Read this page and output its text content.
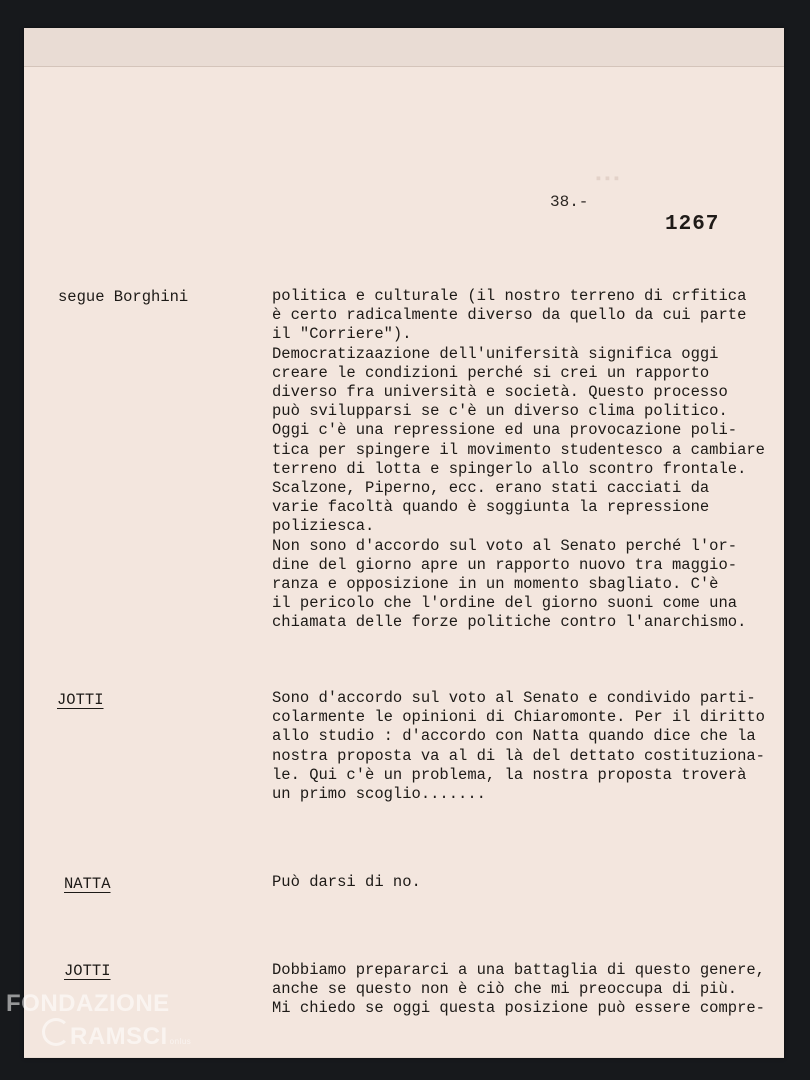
▪▪▪
38.-
1267
segue Borghini	politica e culturale (il nostro terreno di crfitica
è certo radicalmente diverso da quello da cui parte
il "Corriere").
Democratizaazione dell'unifersità significa oggi
creare le condizioni perché si crei un rapporto
diverso fra università e società. Questo processo
può svilupparsi se c'è un diverso clima politico.
Oggi c'è una repressione ed una provocazione poli-
tica per spingere il movimento studentesco a cambiare
terreno di lotta e spingerlo allo scontro frontale.
Scalzone, Piperno, ecc. erano stati cacciati da
varie facoltà quando è soggiunta la repressione
poliziesca.
Non sono d'accordo sul voto al Senato perché l'or-
dine del giorno apre un rapporto nuovo tra maggio-
ranza e opposizione in un momento sbagliato. C'è
il pericolo che l'ordine del giorno suoni come una
chiamata delle forze politiche contro l'anarchismo.
JOTTI	Sono d'accordo sul voto al Senato e condivido parti-
colarmente le opinioni di Chiaromonte. Per il diritto
allo studio : d'accordo con Natta quando dice che la
nostra proposta va al di là del dettato costituziona-
le. Qui c'è un problema, la nostra proposta troverà
un primo scoglio.......
NATTA	Può darsi di no.
JOTTI	Dobbiamo prepararci a una battaglia di questo genere,
anche se questo non è ciò che mi preoccupa di più.
Mi chiedo se oggi questa posizione può essere compre-
FONDAZIONE
RAMSCI onlus
